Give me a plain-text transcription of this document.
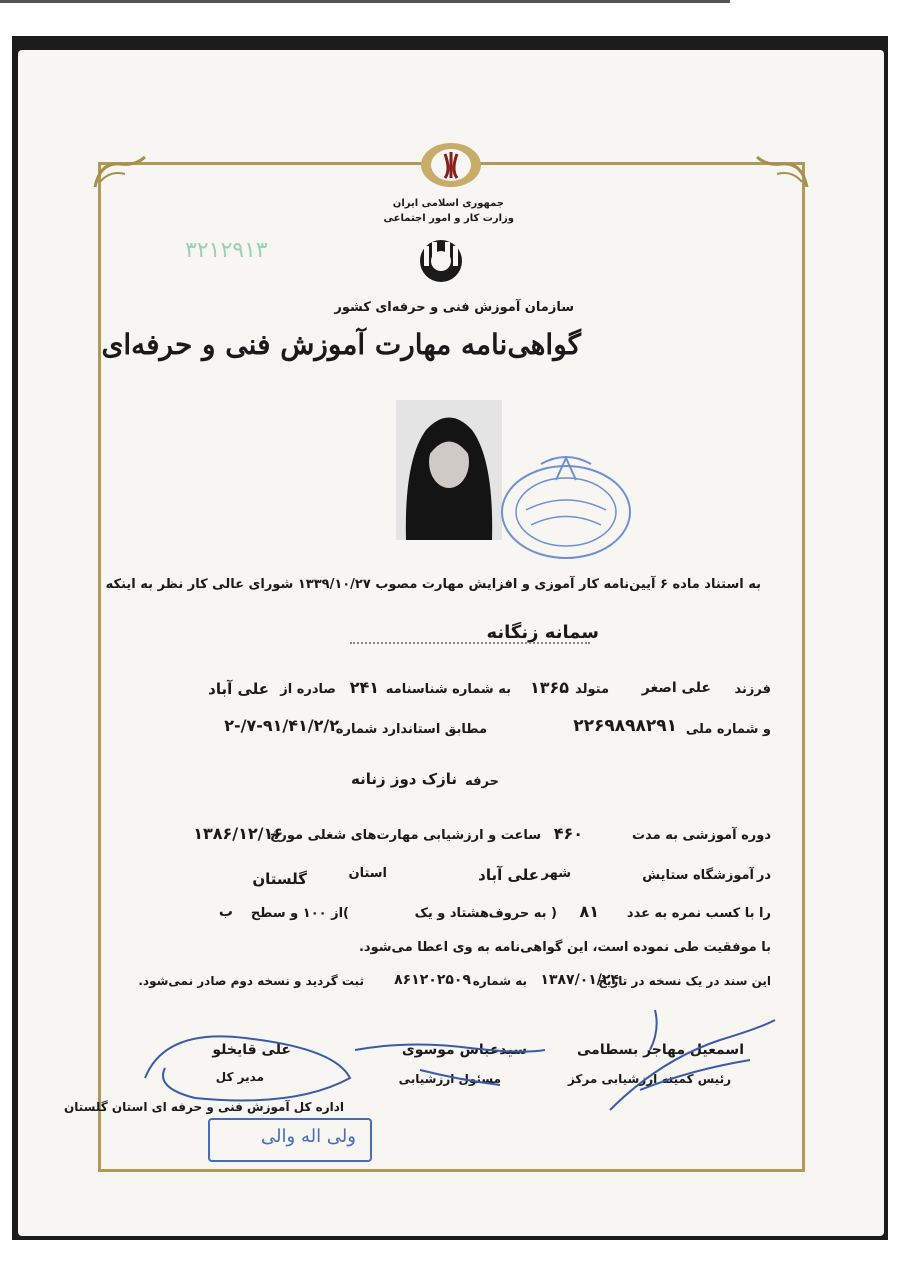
جمهوری اسلامی ایران
وزارت کار و امور اجتماعی
۳۲۱۲۹۱۳
سازمان آموزش فنی و حرفه‌ای کشور
گواهی‌نامه مهارت آموزش فنی و حرفه‌ای
به استناد ماده ۶ آیین‌نامه کار آموزی و افزایش مهارت مصوب ۱۳۳۹/۱۰/۲۷ شورای عالی کار نظر به اینکه
سمانه زنگانه
فرزند
علی اصغر
متولد
۱۳۶۵
به شماره شناسنامه
۲۴۱
صادره از
علی آباد
و شماره ملی
۲۲۶۹۸۹۸۲۹۱
مطابق استاندارد شماره
۷-۹۱/۴۱/۲/۲/-۲
حرفه
نازک دوز زنانه
دوره آموزشی به مدت
۴۶۰
ساعت و ارزشیابی مهارت‌های شغلی مورخ
۱۳۸۶/۱۲/۱۶
در
آموزشگاه ستایش
شهر
علی آباد
استان
گلستان
را با کسب نمره به عدد
۸۱
( به حروف
هشتاد و یک
)از ۱۰۰ و سطح
ب
با موفقیت طی نموده است، این گواهی‌نامه به وی اعطا می‌شود.
این سند در یک نسخه در تاریخ
۱۳۸۷/۰۱/۲۴
به شماره
۸۶۱۲۰۲۵۰۹
ثبت گردید و نسخه دوم صادر نمی‌شود.
اسمعیل مهاجر بسطامی
رئیس کمیته ارزشیابی مرکز
سیدعباس موسوی
مسئول ارزشیابی
علی قایخلو
مدیر کل
اداره کل آموزش فنی و حرفه ای استان گلستان
ولی اله والی
